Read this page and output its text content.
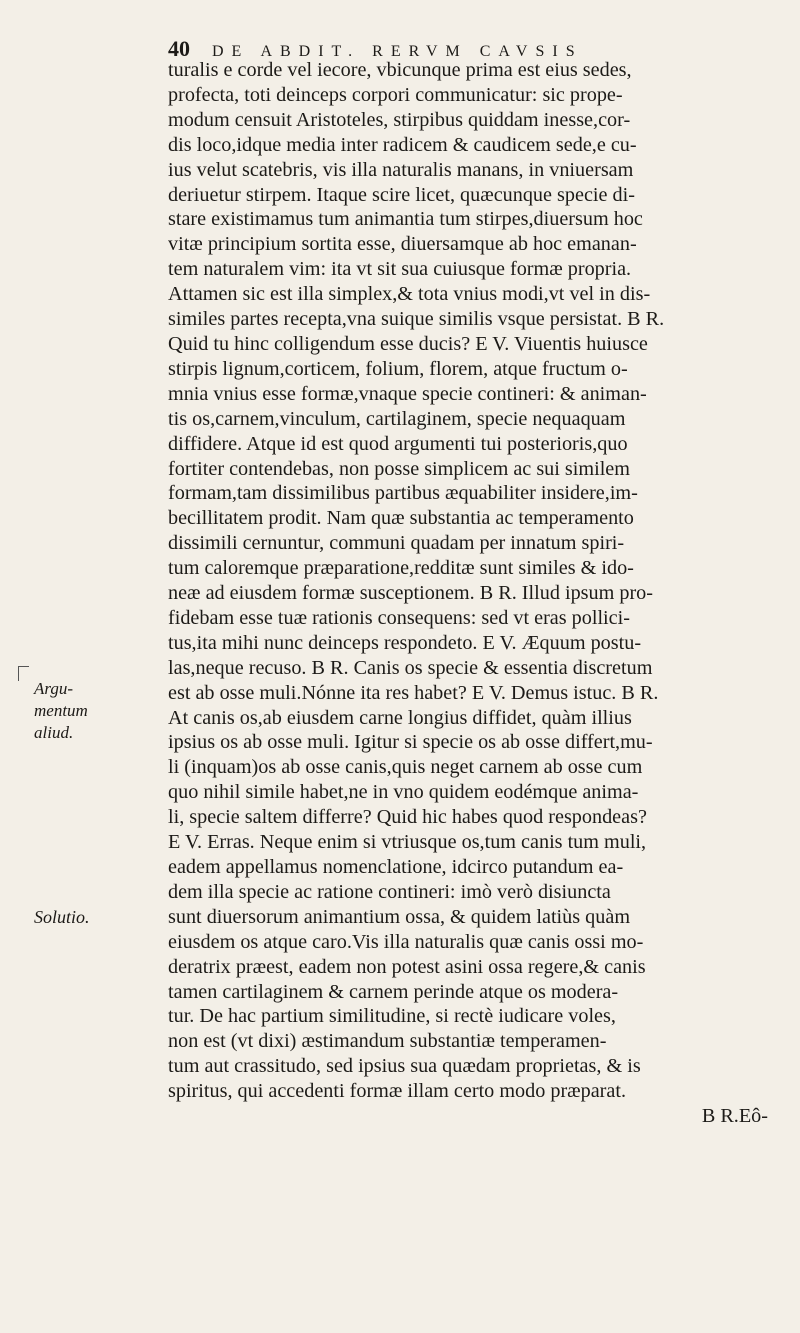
40 DE ABDIT. RERVM CAVSIS
Argu-
mentum
aliud.
Solutio.
turalis e corde vel iecore, vbicunque prima est eius sedes,
profecta, toti deinceps corpori communicatur: sic prope-
modum censuit Aristoteles, stirpibus quiddam inesse,cor-
dis loco,idque media inter radicem & caudicem sede,e cu-
ius velut scatebris, vis illa naturalis manans, in vniuersam
deriuetur stirpem. Itaque scire licet, quæcunque specie di-
stare existimamus tum animantia tum stirpes,diuersum hoc
vitæ principium sortita esse, diuersamque ab hoc emanan-
tem naturalem vim: ita vt sit sua cuiusque formæ propria.
Attamen sic est illa simplex,& tota vnius modi,vt vel in dis-
similes partes recepta,vna suique similis vsque persistat. B R.
Quid tu hinc colligendum esse ducis? E V. Viuentis huiusce
stirpis lignum,corticem, folium, florem, atque fructum o-
mnia vnius esse formæ,vnaque specie contineri: & animan-
tis os,carnem,vinculum, cartilaginem, specie nequaquam
diffidere. Atque id est quod argumenti tui posterioris,quo
fortiter contendebas, non posse simplicem ac sui similem
formam,tam dissimilibus partibus æquabiliter insidere,im-
becillitatem prodit. Nam quæ substantia ac temperamento
dissimili cernuntur, communi quadam per innatum spiri-
tum caloremque præparatione,redditæ sunt similes & ido-
neæ ad eiusdem formæ susceptionem. B R. Illud ipsum pro-
fidebam esse tuæ rationis consequens: sed vt eras pollici-
tus,ita mihi nunc deinceps respondeto. E V. Æquum postu-
las,neque recuso. B R. Canis os specie & essentia discretum
est ab osse muli.Nónne ita res habet? E V. Demus istuc. B R.
At canis os,ab eiusdem carne longius diffidet, quàm illius
ipsius os ab osse muli. Igitur si specie os ab osse differt,mu-
li (inquam)os ab osse canis,quis neget carnem ab osse cum
quo nihil simile habet,ne in vno quidem eodémque anima-
li, specie saltem differre? Quid hic habes quod respondeas?
E V. Erras. Neque enim si vtriusque os,tum canis tum muli,
eadem appellamus nomenclatione, idcirco putandum ea-
dem illa specie ac ratione contineri: imò verò disiuncta
sunt diuersorum animantium ossa, & quidem latiùs quàm
eiusdem os atque caro.Vis illa naturalis quæ canis ossi mo-
deratrix præest, eadem non potest asini ossa regere,& canis
tamen cartilaginem & carnem perinde atque os modera-
tur. De hac partium similitudine, si rectè iudicare voles,
non est (vt dixi) æstimandum substantiæ temperamen-
tum aut crassitudo, sed ipsius sua quædam proprietas, & is
spiritus, qui accedenti formæ illam certo modo præparat.
B R.Eô-
